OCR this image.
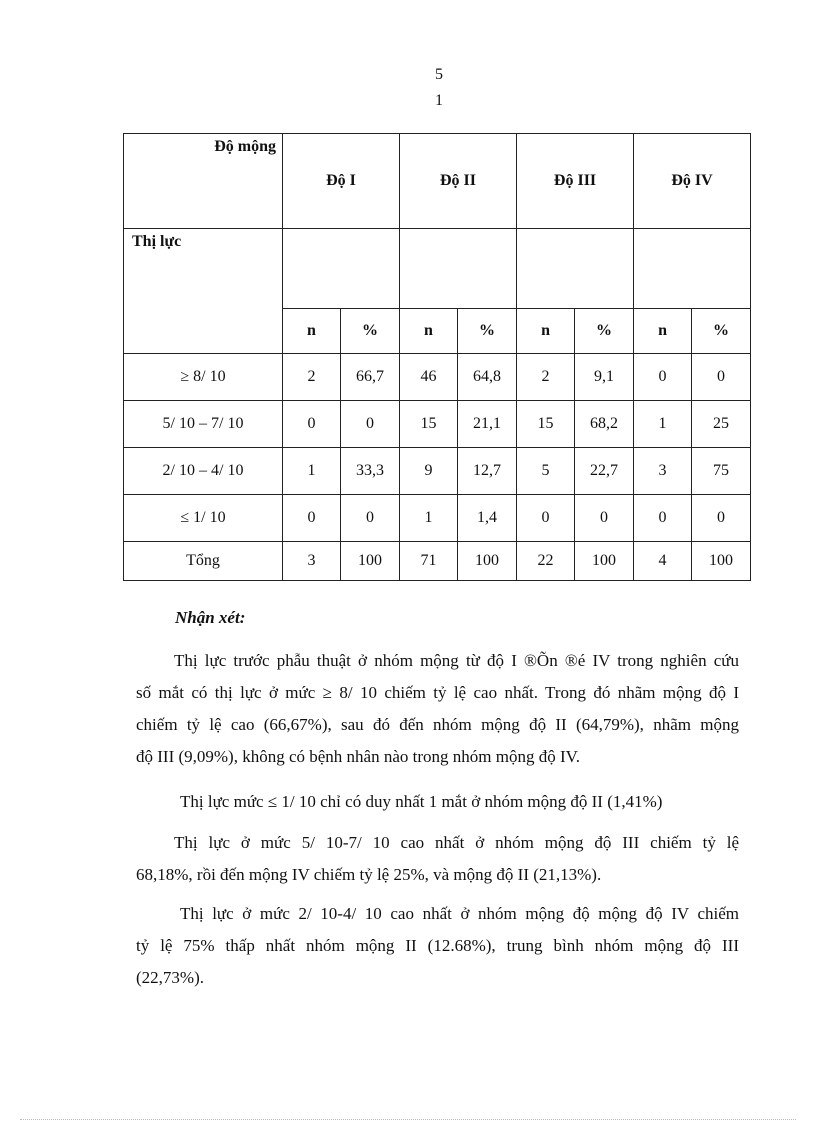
5
1
Độ mộng	Độ I		Độ II		Độ III		Độ IV	
Thị lực								
	n	%	n	%	n	%	n	%
≥ 8/ 10	2	66,7	46	64,8	2	9,1	0	0
5/ 10 – 7/ 10	0	0	15	21,1	15	68,2	1	25
2/ 10 – 4/ 10	1	33,3	9	12,7	5	22,7	3	75
≤ 1/ 10	0	0	1	1,4	0	0	0	0
Tổng	3	100	71	100	22	100	4	100
Nhận xét:
Thị lực trước phẫu thuật ở nhóm mộng từ độ I ®Õn ®é IV trong nghiên cứu
số mắt có thị lực ở mức ≥ 8/ 10 chiếm tỷ lệ cao nhất. Trong đó nhãm mộng độ I
chiếm tỷ lệ cao (66,67%), sau đó đến nhóm mộng độ II (64,79%), nhãm mộng
độ III (9,09%), không có bệnh nhân nào trong nhóm mộng độ IV.
Thị lực mức ≤ 1/ 10 chỉ có duy nhất 1 mắt ở nhóm mộng độ II (1,41%)
Thị lực ở mức 5/ 10-7/ 10 cao nhất ở nhóm mộng độ III chiếm tỷ lệ
68,18%, rồi đến mộng IV chiếm tỷ lệ 25%, và mộng độ II (21,13%).
Thị lực ở mức 2/ 10-4/ 10 cao nhất ở nhóm mộng độ mộng độ IV chiếm
tỷ lệ 75% thấp nhất nhóm mộng II (12.68%), trung bình nhóm mộng độ III
(22,73%).
